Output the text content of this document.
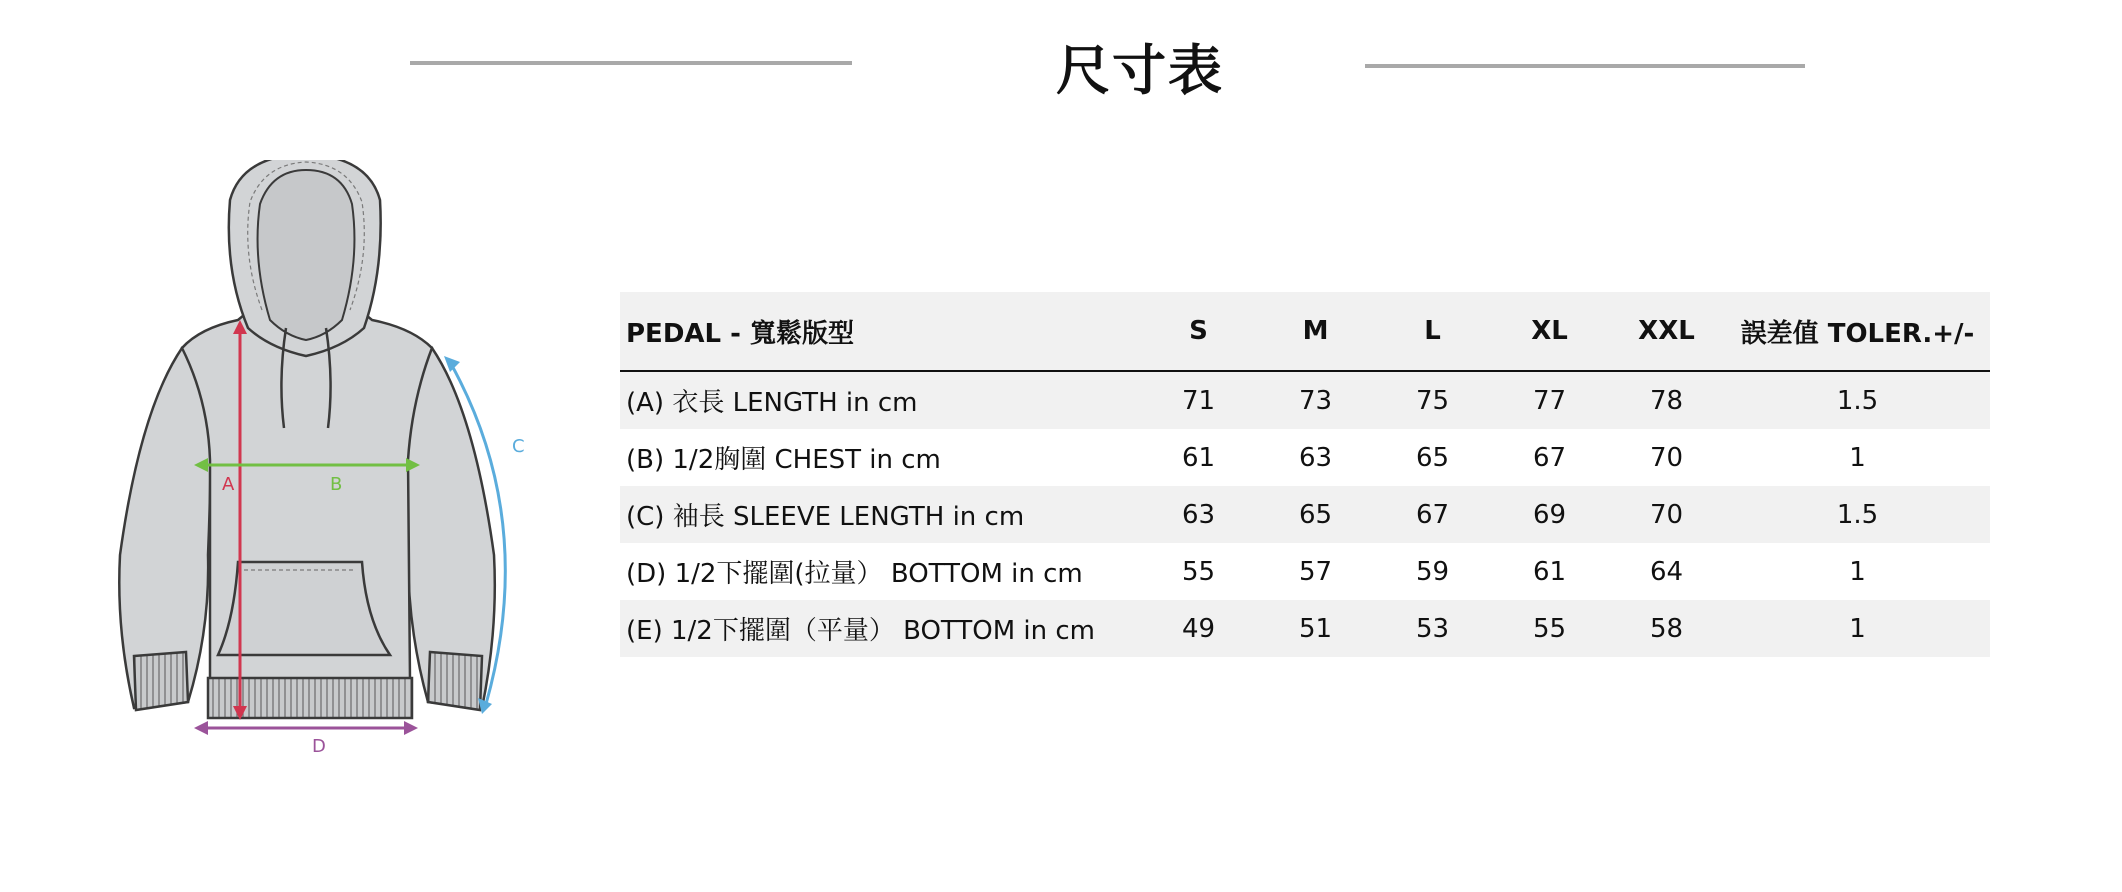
尺寸表
A	B
C
D
PEDAL - 寬鬆版型	S	M	L	XL	XXL	誤差值 TOLER.+/-
(A) 衣長 LENGTH in cm	71	73	75	77	78	1.5
(B) 1/2胸圍 CHEST in cm	61	63	65	67	70	1
(C) 袖長 SLEEVE LENGTH in cm	63	65	67	69	70	1.5
(D) 1/2下擺圍(拉量） BOTTOM in cm	55	57	59	61	64	1
(E) 1/2下擺圍（平量） BOTTOM in cm	49	51	53	55	58	1
